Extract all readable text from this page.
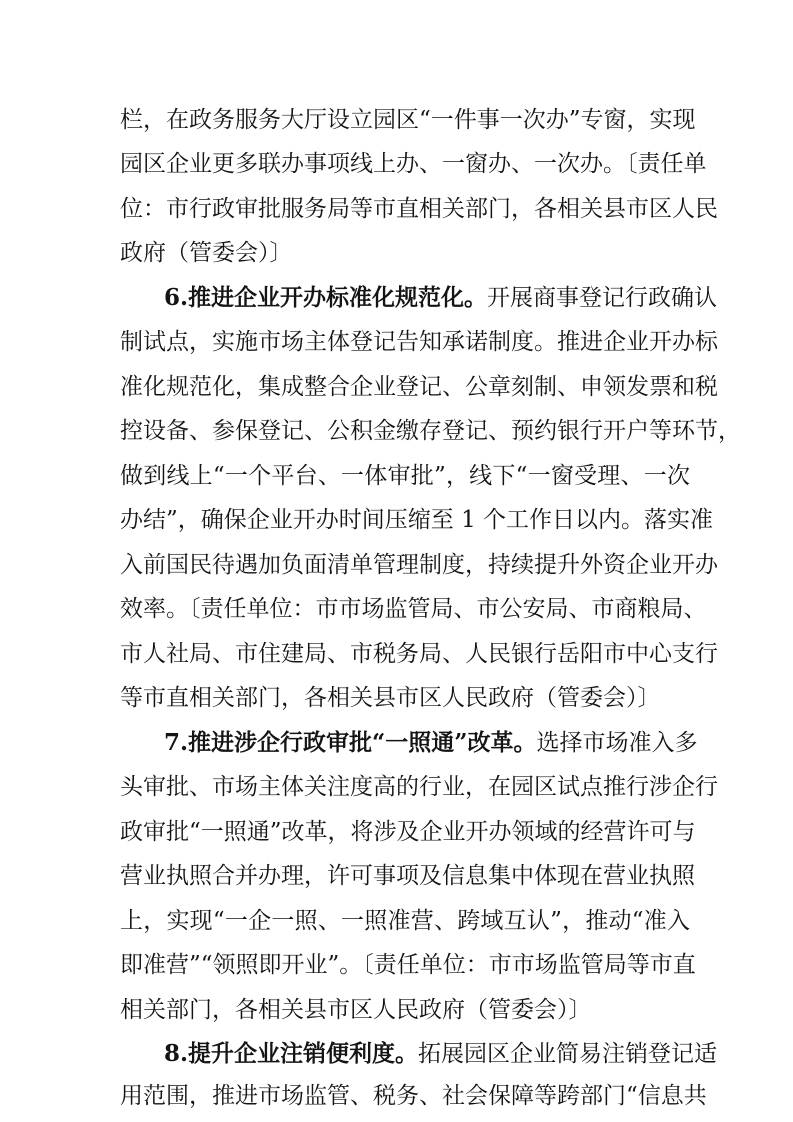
栏，在政务服务大厅设立园区“一件事一次办”专窗，实现
园区企业更多联办事项线上办、一窗办、一次办。〔责任单
位：市行政审批服务局等市直相关部门，各相关县市区人民
政府（管委会）〕
6.推进企业开办标准化规范化。开展商事登记行政确认
制试点，实施市场主体登记告知承诺制度。推进企业开办标
准化规范化，集成整合企业登记、公章刻制、申领发票和税
控设备、参保登记、公积金缴存登记、预约银行开户等环节，
做到线上“一个平台、一体审批”，线下“一窗受理、一次
办结”，确保企业开办时间压缩至 1 个工作日以内。落实准
入前国民待遇加负面清单管理制度，持续提升外资企业开办
效率。〔责任单位：市市场监管局、市公安局、市商粮局、
市人社局、市住建局、市税务局、人民银行岳阳市中心支行
等市直相关部门，各相关县市区人民政府（管委会）〕
7.推进涉企行政审批“一照通”改革。选择市场准入多
头审批、市场主体关注度高的行业，在园区试点推行涉企行
政审批“一照通”改革，将涉及企业开办领域的经营许可与
营业执照合并办理，许可事项及信息集中体现在营业执照
上，实现“一企一照、一照准营、跨域互认”，推动“准入
即准营”“领照即开业”。〔责任单位：市市场监管局等市直
相关部门，各相关县市区人民政府（管委会）〕
8.提升企业注销便利度。拓展园区企业简易注销登记适
用范围，推进市场监管、税务、社会保障等跨部门“信息共
